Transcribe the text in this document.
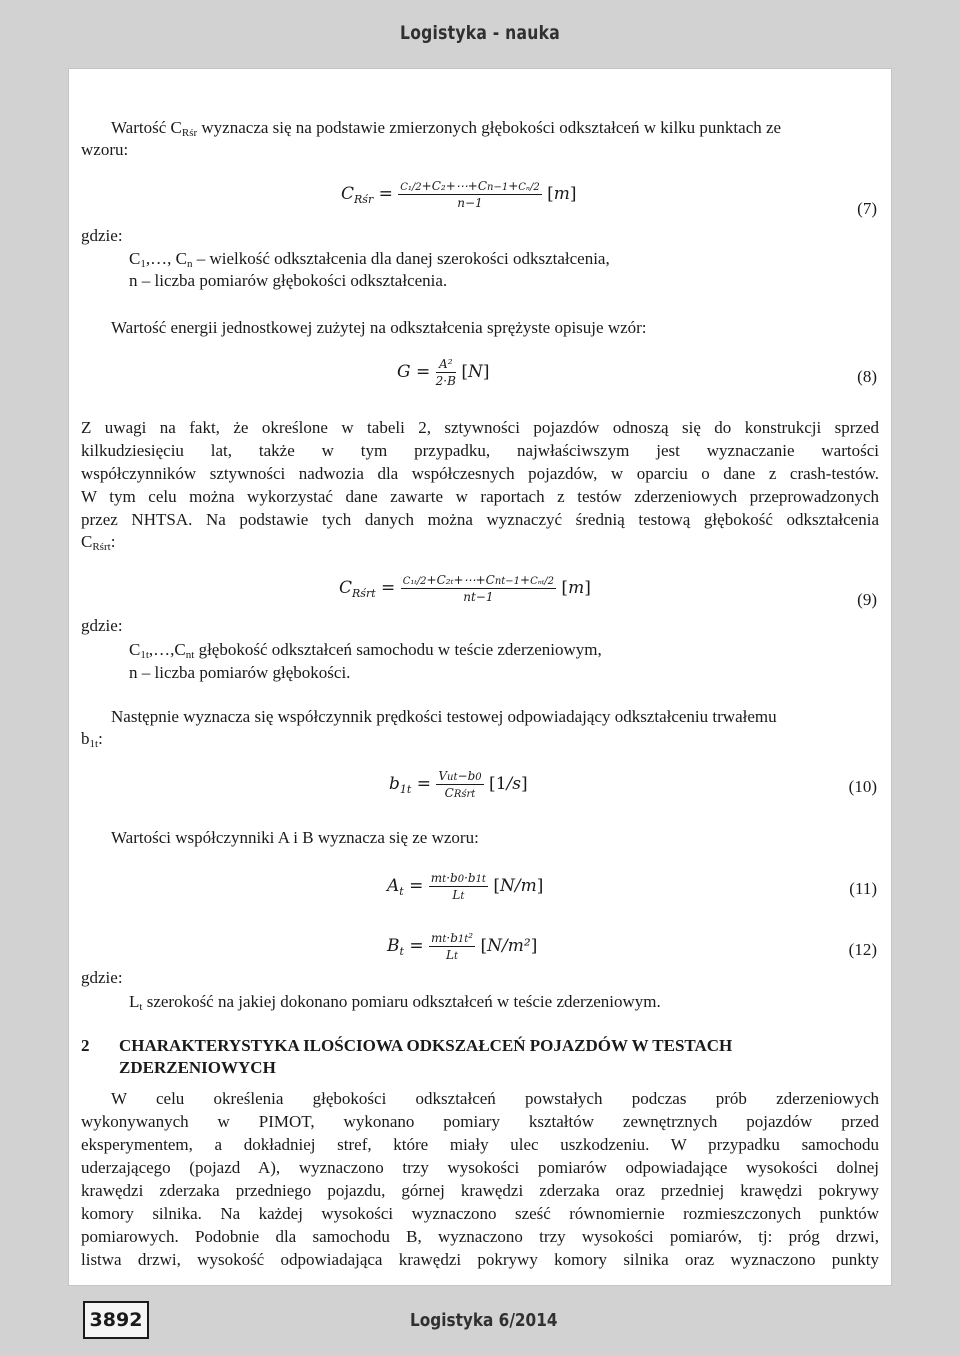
Logistyka - nauka
Wartość $C_{Rśr}$ wyznacza się na podstawie zmierzonych głębokości odkształceń w kilku punktach ze
wzoru:
$C_{Rśr} = \frac{\text{C₁/2+C₂+⋯+Cn−1+Cₙ/2}}{n-1} [m]$
(7)
gdzie:
$C_1,\dots$, $C_n$ – wielkość odkształcenia dla danej szerokości odkształcenia,
n – liczba pomiarów głębokości odkształcenia.
Wartość energii jednostkowej zużytej na odkształcenia sprężyste opisuje wzór:
$G = \frac{\text{A²}}{2\cdot B} [N]$	(8)
Z uwagi na fakt, że określone w tabeli 2, sztywności pojazdów odnoszą się do konstrukcji sprzed
kilkudziesięciu lat, także w tym przypadku, najwłaściwszym jest wyznaczanie wartości
współczynników sztywności nadwozia dla współczesnych pojazdów, w oparciu o dane z crash-testów.
W tym celu można wykorzystać dane zawarte w raportach z testów zderzeniowych przeprowadzonych
przez NHTSA. Na podstawie tych danych można wyznaczyć średnią testową głębokość odkształcenia
$C_{Rśrt}$:
$C_{Rśrt} = \frac{\text{C₁ₜ/2+C₂ₜ+⋯+Cnt−1+Cₙₜ/2}}{nt-1} [m]$
(9)
gdzie:
$C_{1t},\dots,C_{nt}$ głębokość odkształceń samochodu w teście zderzeniowym,
n – liczba pomiarów głębokości.
Następnie wyznacza się współczynnik prędkości testowej odpowiadający odkształceniu trwałemu
$b_{1t}$:
$b_{1t} = \frac{\text{Vut−b0}}{\text{CRśrt}} [1/s]$	(10)
Wartości współczynniki A i B wyznacza się ze wzoru:
$A_t = \frac{mt\cdot b0\cdot b1t}{Lt} [N/m]$	(11)
$B_t = \frac{\text{mt·b1t²}}{Lt} [N/m^2]$	(12)
gdzie:
$L_t$ szerokość na jakiej dokonano pomiaru odkształceń w teście zderzeniowym.
2 CHARAKTERYSTYKA ILOŚCIOWA ODKSZAŁCEŃ POJAZDÓW W TESTACH
ZDERZENIOWYCH
W celu określenia głębokości odkształceń powstałych podczas prób zderzeniowych
wykonywanych w PIMOT, wykonano pomiary kształtów zewnętrznych pojazdów przed
eksperymentem, a dokładniej stref, które miały ulec uszkodzeniu. W przypadku samochodu
uderzającego (pojazd A), wyznaczono trzy wysokości pomiarów odpowiadające wysokości dolnej
krawędzi zderzaka przedniego pojazdu, górnej krawędzi zderzaka oraz przedniej krawędzi pokrywy
komory silnika. Na każdej wysokości wyznaczono sześć równomiernie rozmieszczonych punktów
pomiarowych. Podobnie dla samochodu B, wyznaczono trzy wysokości pomiarów, tj: próg drzwi,
listwa drzwi, wysokość odpowiadająca krawędzi pokrywy komory silnika oraz wyznaczono punkty
3892	Logistyka 6/2014
